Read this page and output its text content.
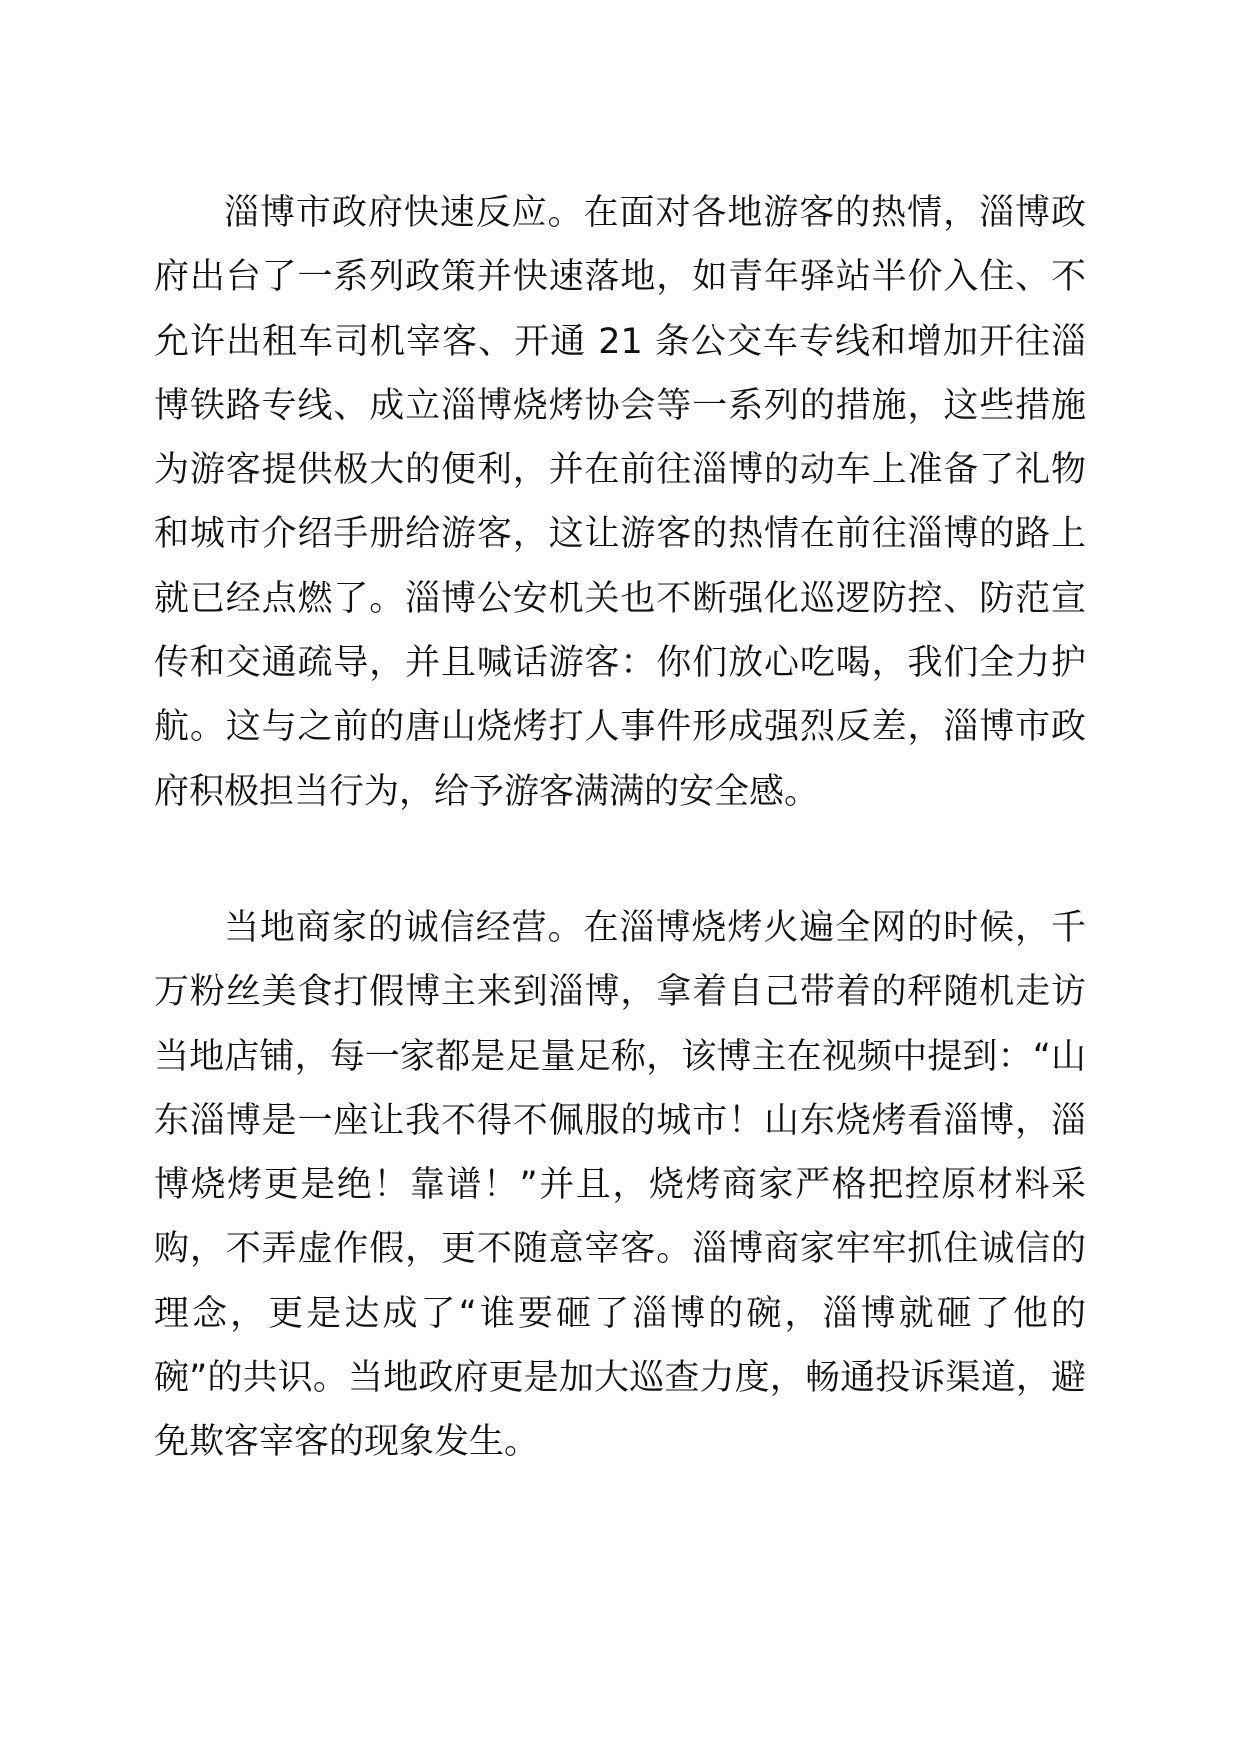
淄博市政府快速反应。在面对各地游客的热情，淄博政府出台了一系列政策并快速落地，如青年驿站半价入住、不允许出租车司机宰客、开通 21 条公交车专线和增加开往淄博铁路专线、成立淄博烧烤协会等一系列的措施，这些措施为游客提供极大的便利，并在前往淄博的动车上准备了礼物和城市介绍手册给游客，这让游客的热情在前往淄博的路上就已经点燃了。淄博公安机关也不断强化巡逻防控、防范宣传和交通疏导，并且喊话游客：你们放心吃喝，我们全力护航。这与之前的唐山烧烤打人事件形成强烈反差，淄博市政府积极担当行为，给予游客满满的安全感。

当地商家的诚信经营。在淄博烧烤火遍全网的时候，千万粉丝美食打假博主来到淄博，拿着自己带着的秤随机走访当地店铺，每一家都是足量足称，该博主在视频中提到：“山东淄博是一座让我不得不佩服的城市！山东烧烤看淄博，淄博烧烤更是绝！靠谱！”并且，烧烤商家严格把控原材料采购，不弄虚作假，更不随意宰客。淄博商家牢牢抓住诚信的理念，更是达成了“谁要砸了淄博的碗，淄博就砸了他的碗”的共识。当地政府更是加大巡查力度，畅通投诉渠道，避免欺客宰客的现象发生。
